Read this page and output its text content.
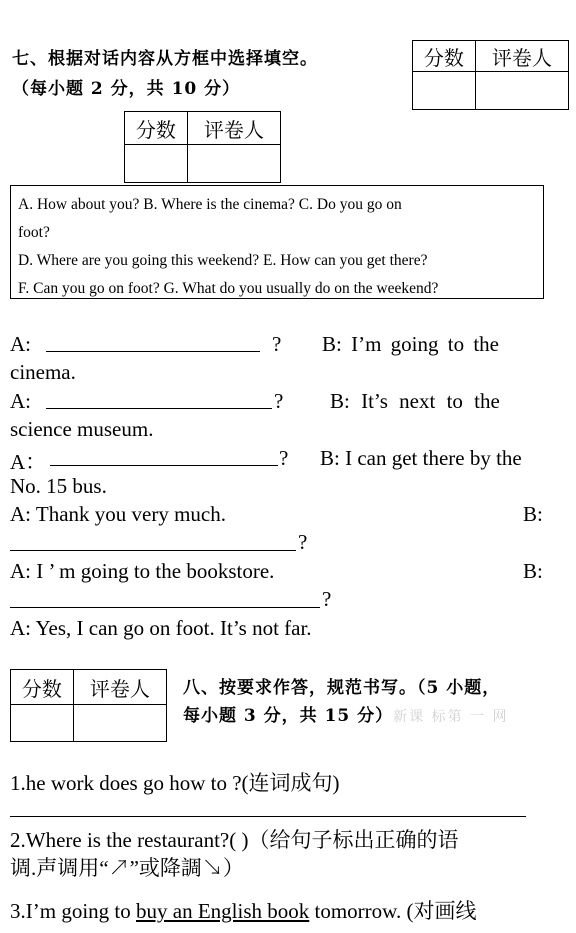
七、根据对话内容从方框中选择填空。
（每小题 2 分，共 10 分）
分数	评卷人

分数	评卷人

A. How about you? B. Where is the cinema? C. Do you go on
foot?
D. Where are you going this weekend? E. How can you get there?
F. Can you go on foot? G. What do you usually do on the weekend?
A:	? B: I’m going to the
cinema.
A:	? B: It’s next to the
science museum.
A：	? B: I can get there by the
No. 15 bus.
A: Thank you very much.	B:
?
A: I ’ m going to the bookstore.	B:
?
A: Yes, I can go on foot. It’s not far.
分数	评卷人
	八、按要求作答，规范书写。（5 小题，
每小题 3 分，共 15 分）新课 标第 一 网
1.he work does go how to ?(连词成句)
2.Where is the restaurant?( )（给句子标出正确的语
调.声调用“↗”或降調↘）
3.I’m going to buy an English book tomorrow. (对画线
